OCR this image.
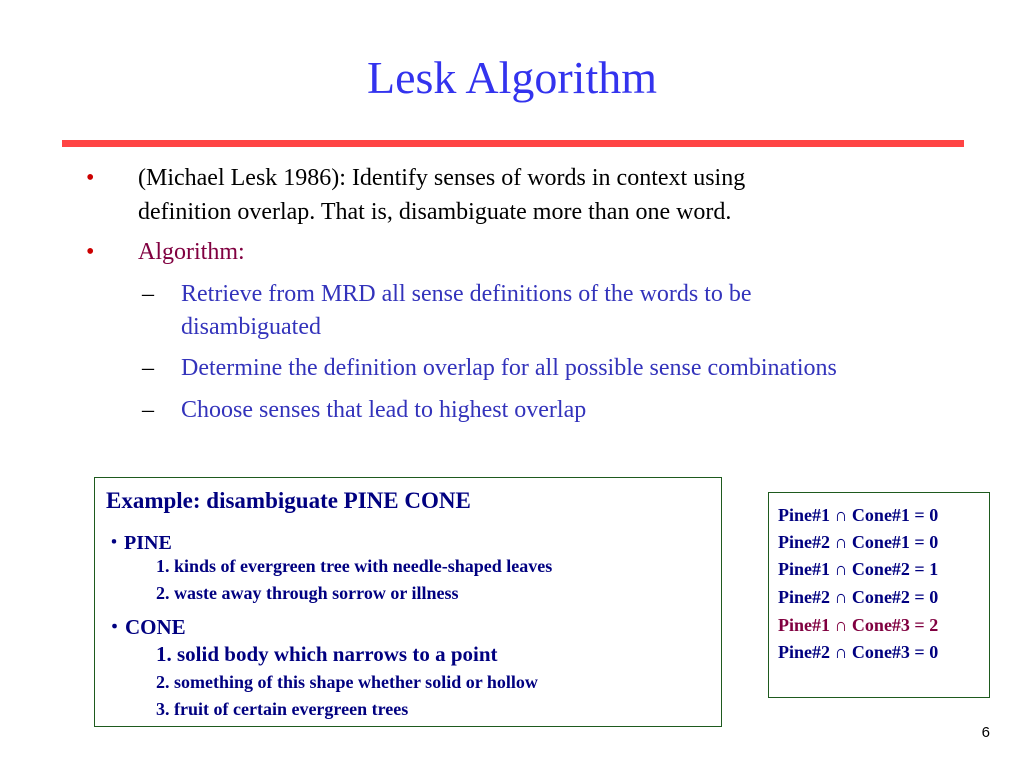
Lesk Algorithm
• (Michael Lesk 1986): Identify senses of words in context using
definition overlap. That is, disambiguate more than one word.
• Algorithm:
– Retrieve from MRD all sense definitions of the words to be
disambiguated
– Determine the definition overlap for all possible sense combinations
– Choose senses that lead to highest overlap
Example: disambiguate PINE CONE
・PINE
1. kinds of evergreen tree with needle-shaped leaves
2. waste away through sorrow or illness
・CONE
1. solid body which narrows to a point
2. something of this shape whether solid or hollow
3. fruit of certain evergreen trees
Pine#1 ∩ Cone#1 = 0
Pine#2 ∩ Cone#1 = 0
Pine#1 ∩ Cone#2 = 1
Pine#2 ∩ Cone#2 = 0
Pine#1 ∩ Cone#3 = 2
Pine#2 ∩ Cone#3 = 0
6
